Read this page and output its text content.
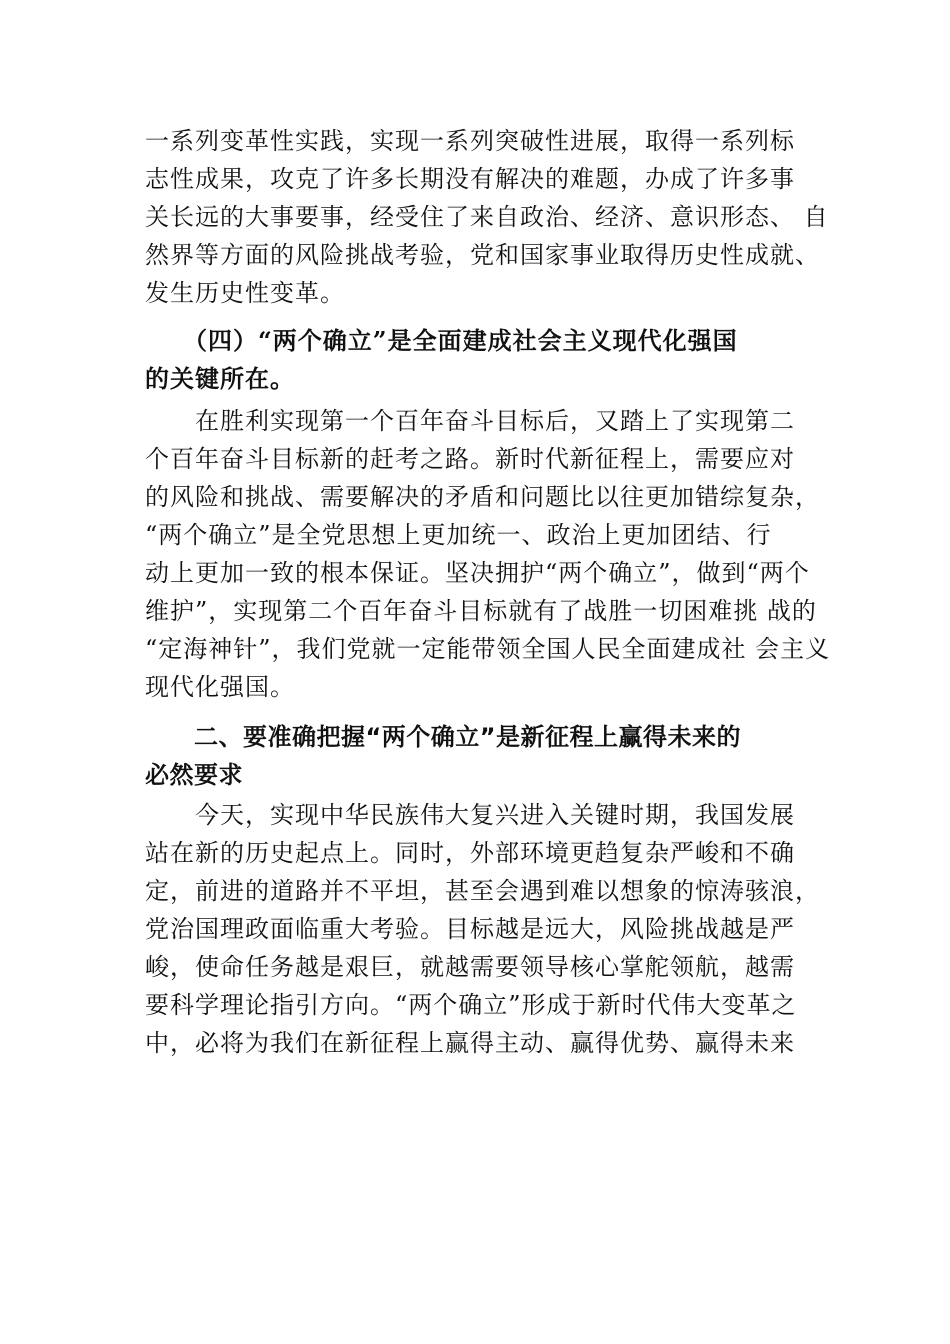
一系列变革性实践，实现一系列突破性进展，取得一系列标
志性成果，攻克了许多长期没有解决的难题，办成了许多事
关长远的大事要事，经受住了来自政治、经济、意识形态、 自
然界等方面的风险挑战考验，党和国家事业取得历史性成就、
发生历史性变革。
　　（四）“两个确立”是全面建成社会主义现代化强国
的关键所在。
　　在胜利实现第一个百年奋斗目标后，又踏上了实现第二
个百年奋斗目标新的赶考之路。新时代新征程上，需要应对
的风险和挑战、需要解决的矛盾和问题比以往更加错综复杂，
“两个确立”是全党思想上更加统一、政治上更加团结、行
动上更加一致的根本保证。坚决拥护“两个确立”，做到“两个
维护”，实现第二个百年奋斗目标就有了战胜一切困难挑 战的
“定海神针”，我们党就一定能带领全国人民全面建成社 会主义
现代化强国。
　　二、要准确把握“两个确立”是新征程上赢得未来的
必然要求
　　今天，实现中华民族伟大复兴进入关键时期，我国发展
站在新的历史起点上。同时，外部环境更趋复杂严峻和不确
定，前进的道路并不平坦，甚至会遇到难以想象的惊涛骇浪，
党治国理政面临重大考验。目标越是远大，风险挑战越是严
峻，使命任务越是艰巨，就越需要领导核心掌舵领航，越需
要科学理论指引方向。“两个确立”形成于新时代伟大变革之
中，必将为我们在新征程上赢得主动、赢得优势、赢得未来
